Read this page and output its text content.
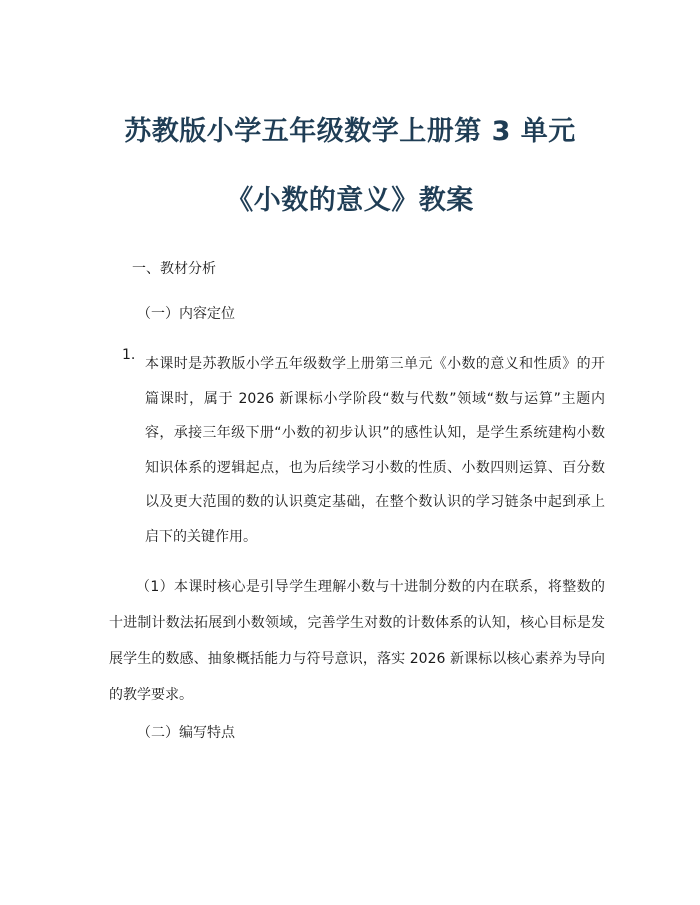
苏教版小学五年级数学上册第 3 单元
《小数的意义》教案
一、教材分析
（一）内容定位
1.
本课时是苏教版小学五年级数学上册第三单元《小数的意义和性质》的开篇课时，属于 2026 新课标小学阶段“数与代数”领域“数与运算”主题内容，承接三年级下册“小数的初步认识”的感性认知，是学生系统建构小数知识体系的逻辑起点，也为后续学习小数的性质、小数四则运算、百分数以及更大范围的数的认识奠定基础，在整个数认识的学习链条中起到承上启下的关键作用。
（1）本课时核心是引导学生理解小数与十进制分数的内在联系，将整数的十进制计数法拓展到小数领域，完善学生对数的计数体系的认知，核心目标是发展学生的数感、抽象概括能力与符号意识，落实 2026 新课标以核心素养为导向的教学要求。
（二）编写特点
